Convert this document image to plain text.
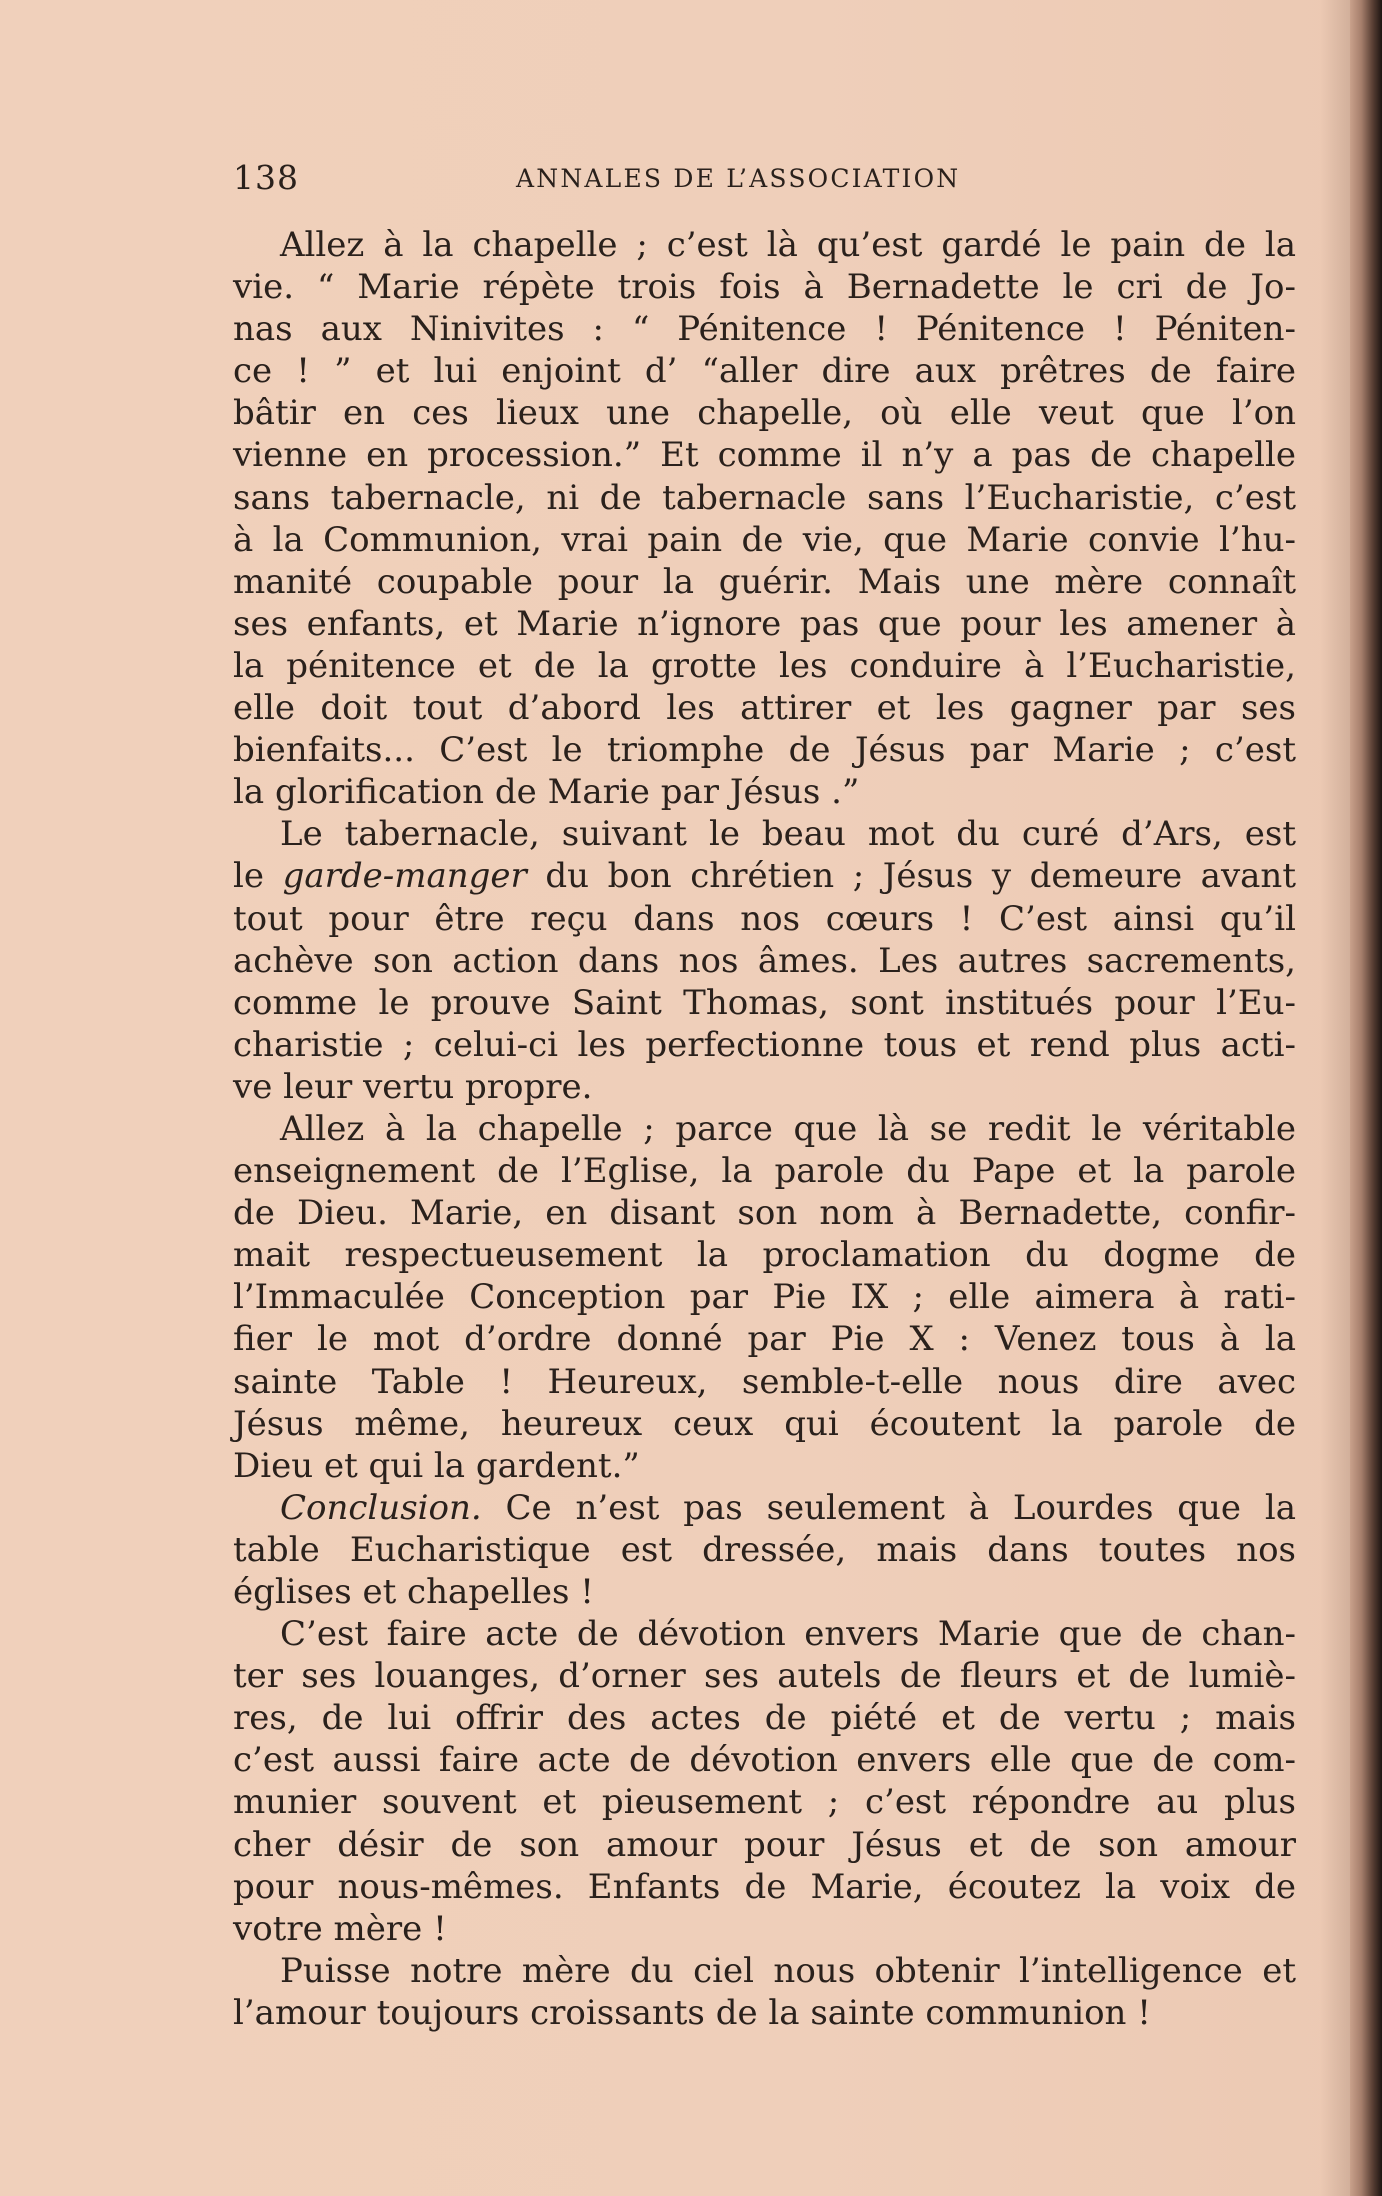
138	ANNALES DE L’ASSOCIATION
Allez à la chapelle ; c’est là qu’est gardé le pain de la
vie. “ Marie répète trois fois à Bernadette le cri de Jo-
nas aux Ninivites : “ Pénitence ! Pénitence ! Péniten-
ce ! ” et lui enjoint d’ “aller dire aux prêtres de faire
bâtir en ces lieux une chapelle, où elle veut que l’on
vienne en procession.” Et comme il n’y a pas de chapelle
sans tabernacle, ni de tabernacle sans l’Eucharistie, c’est
à la Communion, vrai pain de vie, que Marie convie l’hu-
manité coupable pour la guérir. Mais une mère connaît
ses enfants, et Marie n’ignore pas que pour les amener à
la pénitence et de la grotte les conduire à l’Eucharistie,
elle doit tout d’abord les attirer et les gagner par ses
bienfaits... C’est le triomphe de Jésus par Marie ; c’est
la glorification de Marie par Jésus .”
Le tabernacle, suivant le beau mot du curé d’Ars, est
le garde-manger du bon chrétien ; Jésus y demeure avant
tout pour être reçu dans nos cœurs ! C’est ainsi qu’il
achève son action dans nos âmes. Les autres sacrements,
comme le prouve Saint Thomas, sont institués pour l’Eu-
charistie ; celui-ci les perfectionne tous et rend plus acti-
ve leur vertu propre.
Allez à la chapelle ; parce que là se redit le véritable
enseignement de l’Eglise, la parole du Pape et la parole
de Dieu. Marie, en disant son nom à Bernadette, confir-
mait respectueusement la proclamation du dogme de
l’Immaculée Conception par Pie IX ; elle aimera à rati-
fier le mot d’ordre donné par Pie X : Venez tous à la
sainte Table ! Heureux, semble-t-elle nous dire avec
Jésus même, heureux ceux qui écoutent la parole de
Dieu et qui la gardent.”
Conclusion. Ce n’est pas seulement à Lourdes que la
table Eucharistique est dressée, mais dans toutes nos
églises et chapelles !
C’est faire acte de dévotion envers Marie que de chan-
ter ses louanges, d’orner ses autels de fleurs et de lumiè-
res, de lui offrir des actes de piété et de vertu ; mais
c’est aussi faire acte de dévotion envers elle que de com-
munier souvent et pieusement ; c’est répondre au plus
cher désir de son amour pour Jésus et de son amour
pour nous-mêmes. Enfants de Marie, écoutez la voix de
votre mère !
Puisse notre mère du ciel nous obtenir l’intelligence et
l’amour toujours croissants de la sainte communion !
